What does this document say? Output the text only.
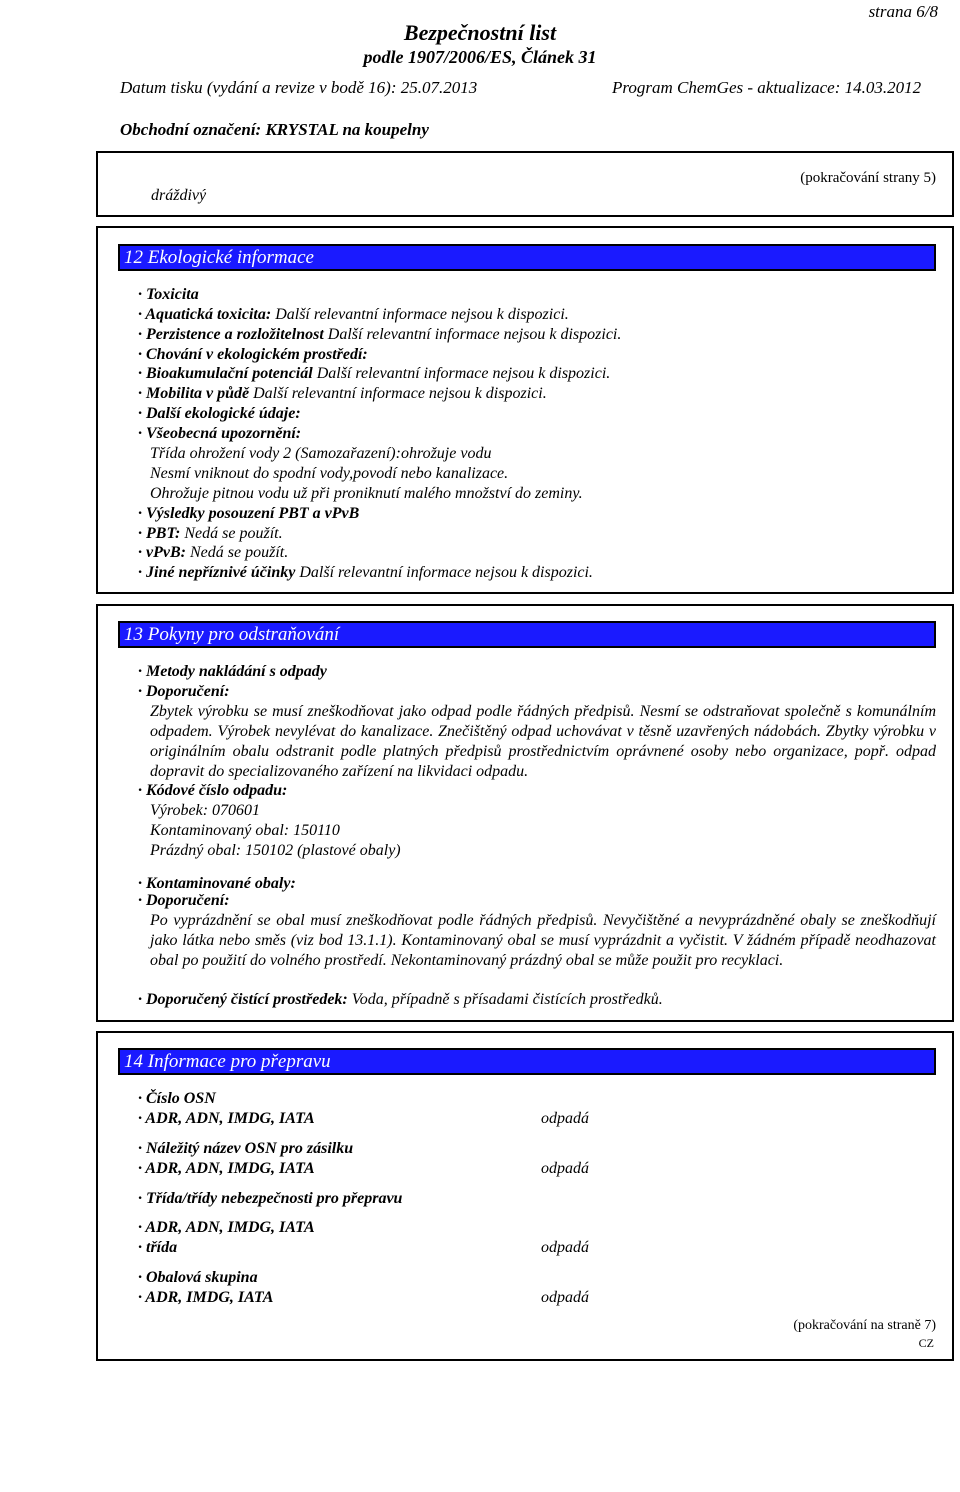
strana 6/8
Bezpečnostní list
podle 1907/2006/ES, Článek 31
Datum tisku (vydání a revize v bodě 16): 25.07.2013	Program ChemGes - aktualizace: 14.03.2012
Obchodní označení: KRYSTAL na koupelny
dráždivý
(pokračování strany 5)
12 Ekologické informace
· Toxicita
· Aquatická toxicita: Další relevantní informace nejsou k dispozici.
· Perzistence a rozložitelnost Další relevantní informace nejsou k dispozici.
· Chování v ekologickém prostředí:
· Bioakumulační potenciál Další relevantní informace nejsou k dispozici.
· Mobilita v půdě Další relevantní informace nejsou k dispozici.
· Další ekologické údaje:
· Všeobecná upozornění:
Třída ohrožení vody 2 (Samozařazení):ohrožuje vodu
Nesmí vniknout do spodní vody,povodí nebo kanalizace.
Ohrožuje pitnou vodu už při proniknutí malého množství do zeminy.
· Výsledky posouzení PBT a vPvB
· PBT: Nedá se použít.
· vPvB: Nedá se použít.
· Jiné nepříznivé účinky Další relevantní informace nejsou k dispozici.
13 Pokyny pro odstraňování
· Metody nakládání s odpady
· Doporučení:
Zbytek výrobku se musí zneškodňovat jako odpad podle řádných předpisů. Nesmí se odstraňovat společně s komunálním odpadem. Výrobek nevylévat do kanalizace. Znečištěný odpad uchovávat v těsně uzavřených nádobách. Zbytky výrobku v originálním obalu odstranit podle platných předpisů prostřednictvím oprávnené osoby nebo organizace, popř. odpad dopravit do specializovaného zařízení na likvidaci odpadu.
· Kódové číslo odpadu:
Výrobek: 070601
Kontaminovaný obal: 150110
Prázdný obal: 150102 (plastové obaly)
· Kontaminované obaly:
· Doporučení:
Po vyprázdnění se obal musí zneškodňovat podle řádných předpisů. Nevyčištěné a nevyprázdněné obaly se zneškodňují jako látka nebo směs (viz bod 13.1.1). Kontaminovaný obal se musí vyprázdnit a vyčistit. V žádném případě neodhazovat obal po použití do volného prostředí. Nekontaminovaný prázdný obal se může použit pro recyklaci.
· Doporučený čistící prostředek: Voda, případně s přísadami čistících prostředků.
14 Informace pro přepravu
· Číslo OSN
· ADR, ADN, IMDG, IATA	odpadá
· Náležitý název OSN pro zásilku
· ADR, ADN, IMDG, IATA	odpadá
· Třída/třídy nebezpečnosti pro přepravu
· ADR, ADN, IMDG, IATA
· třída	odpadá
· Obalová skupina
· ADR, IMDG, IATA	odpadá
(pokračování na straně 7)
CZ
